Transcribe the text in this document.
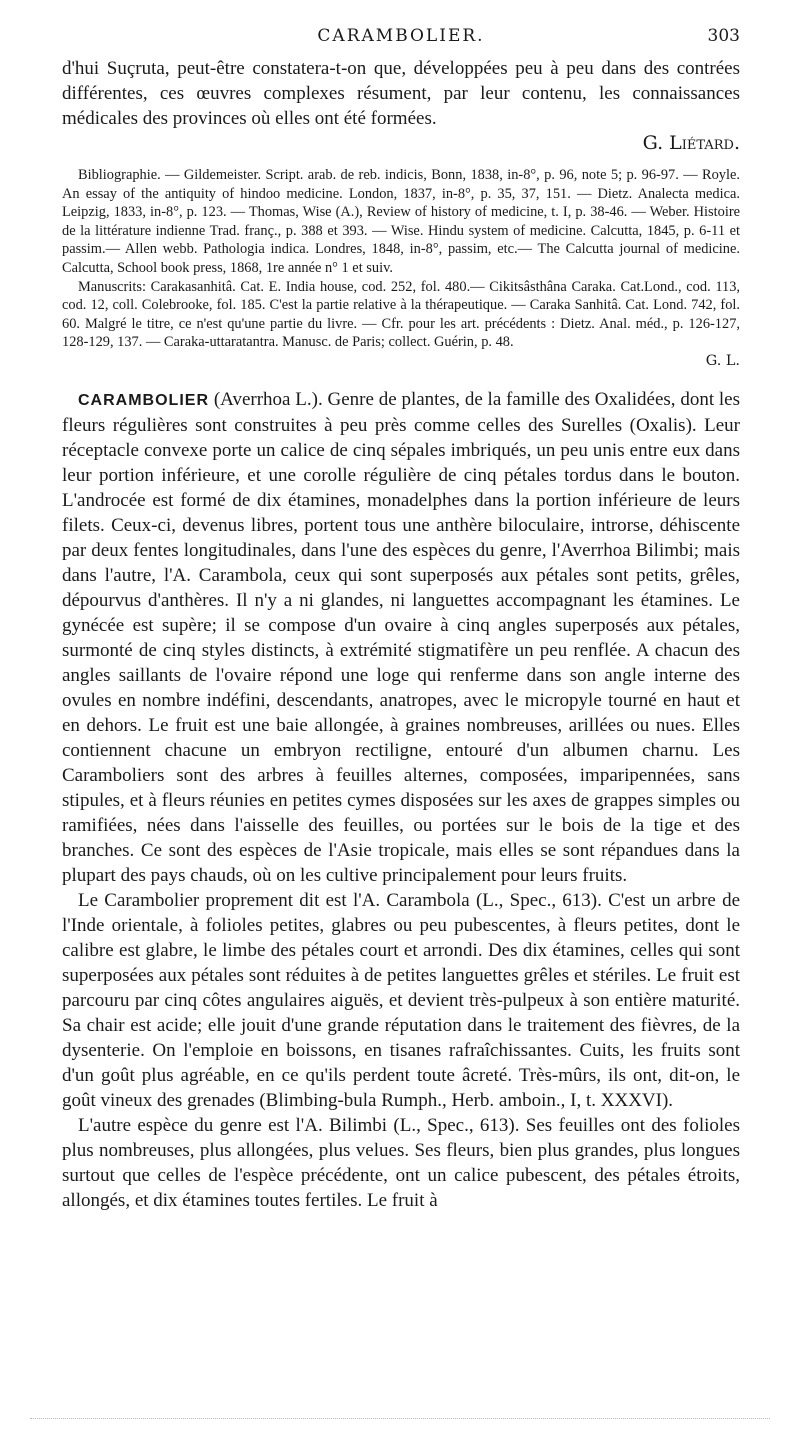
CARAMBOLIER.	303

d'hui Suçruta, peut-être constatera-t-on que, développées peu à peu dans des contrées différentes, ces œuvres complexes résument, par leur contenu, les connaissances médicales des provinces où elles ont été formées.

G. Liétard.

Bibliographie. — Gildemeister. Script. arab. de reb. indicis, Bonn, 1838, in-8°, p. 96, note 5; p. 96-97. — Royle. An essay of the antiquity of hindoo medicine. London, 1837, in-8°, p. 35, 37, 151. — Dietz. Analecta medica. Leipzig, 1833, in-8°, p. 123. — Thomas, Wise (A.), Review of history of medicine, t. I, p. 38-46. — Weber. Histoire de la littérature indienne Trad. franç., p. 388 et 393. — Wise. Hindu system of medicine. Calcutta, 1845, p. 6-11 et passim.— Allen webb. Pathologia indica. Londres, 1848, in-8°, passim, etc.— The Calcutta journal of medicine. Calcutta, School book press, 1868, 1re année n° 1 et suiv.

Manuscrits: Carakasanhitâ. Cat. E. India house, cod. 252, fol. 480.— Cikitsâsthâna Caraka. Cat.Lond., cod. 113, cod. 12, coll. Colebrooke, fol. 185. C'est la partie relative à la thérapeutique. — Caraka Sanhitâ. Cat. Lond. 742, fol. 60. Malgré le titre, ce n'est qu'une partie du livre. — Cfr. pour les art. précédents : Dietz. Anal. méd., p. 126-127, 128-129, 137. — Caraka-uttaratantra. Manusc. de Paris; collect. Guérin, p. 48.

G. L.

CARAMBOLIER (Averrhoa L.). Genre de plantes, de la famille des Oxalidées, dont les fleurs régulières sont construites à peu près comme celles des Surelles (Oxalis). Leur réceptacle convexe porte un calice de cinq sépales imbriqués, un peu unis entre eux dans leur portion inférieure, et une corolle régulière de cinq pétales tordus dans le bouton. L'androcée est formé de dix étamines, monadelphes dans la portion inférieure de leurs filets. Ceux-ci, devenus libres, portent tous une anthère biloculaire, introrse, déhiscente par deux fentes longitudinales, dans l'une des espèces du genre, l'Averrhoa Bilimbi; mais dans l'autre, l'A. Carambola, ceux qui sont superposés aux pétales sont petits, grêles, dépourvus d'anthères. Il n'y a ni glandes, ni languettes accompagnant les étamines. Le gynécée est supère; il se compose d'un ovaire à cinq angles superposés aux pétales, surmonté de cinq styles distincts, à extrémité stigmatifère un peu renflée. A chacun des angles saillants de l'ovaire répond une loge qui renferme dans son angle interne des ovules en nombre indéfini, descendants, anatropes, avec le micropyle tourné en haut et en dehors. Le fruit est une baie allongée, à graines nombreuses, arillées ou nues. Elles contiennent chacune un embryon rectiligne, entouré d'un albumen charnu. Les Caramboliers sont des arbres à feuilles alternes, composées, imparipennées, sans stipules, et à fleurs réunies en petites cymes disposées sur les axes de grappes simples ou ramifiées, nées dans l'aisselle des feuilles, ou portées sur le bois de la tige et des branches. Ce sont des espèces de l'Asie tropicale, mais elles se sont répandues dans la plupart des pays chauds, où on les cultive principalement pour leurs fruits.

Le Carambolier proprement dit est l'A. Carambola (L., Spec., 613). C'est un arbre de l'Inde orientale, à folioles petites, glabres ou peu pubescentes, à fleurs petites, dont le calibre est glabre, le limbe des pétales court et arrondi. Des dix étamines, celles qui sont superposées aux pétales sont réduites à de petites languettes grêles et stériles. Le fruit est parcouru par cinq côtes angulaires aiguës, et devient très-pulpeux à son entière maturité. Sa chair est acide; elle jouit d'une grande réputation dans le traitement des fièvres, de la dysenterie. On l'emploie en boissons, en tisanes rafraîchissantes. Cuits, les fruits sont d'un goût plus agréable, en ce qu'ils perdent toute âcreté. Très-mûrs, ils ont, dit-on, le goût vineux des grenades (Blimbing-bula Rumph., Herb. amboin., I, t. XXXVI).

L'autre espèce du genre est l'A. Bilimbi (L., Spec., 613). Ses feuilles ont des folioles plus nombreuses, plus allongées, plus velues. Ses fleurs, bien plus grandes, plus longues surtout que celles de l'espèce précédente, ont un calice pubescent, des pétales étroits, allongés, et dix étamines toutes fertiles. Le fruit à
